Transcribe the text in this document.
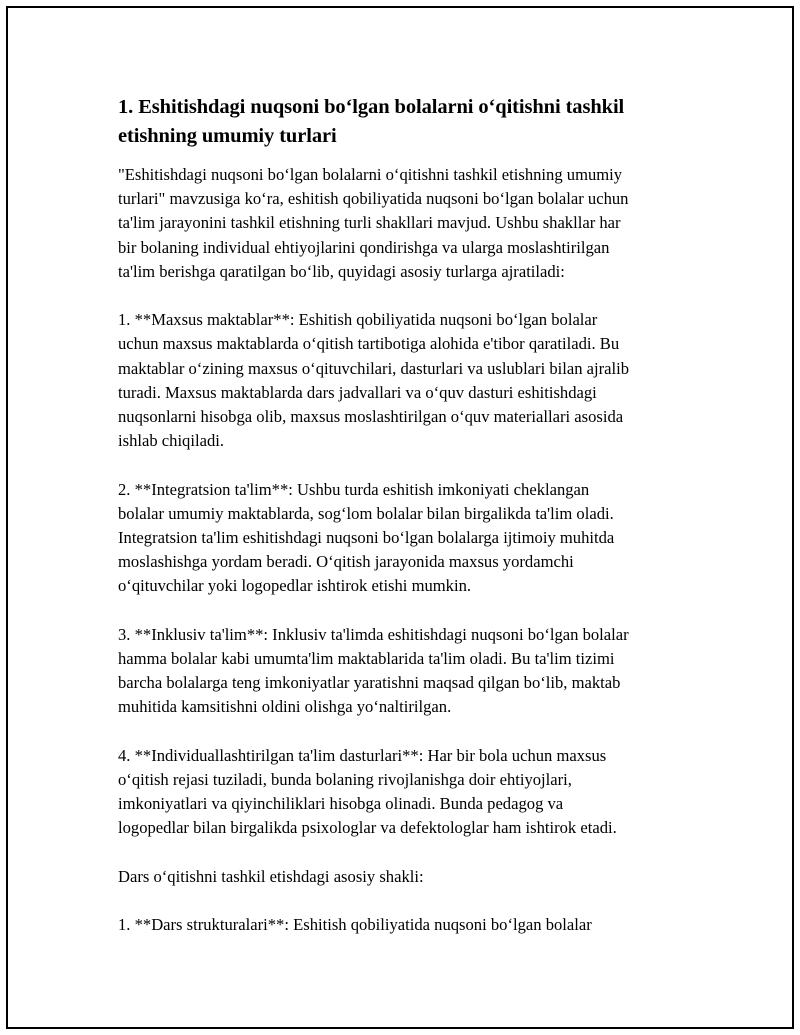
1. Eshitishdagi nuqsoni boʻlgan bolalarni oʻqitishni tashkil
etishning umumiy turlari

"Eshitishdagi nuqsoni boʻlgan bolalarni oʻqitishni tashkil etishning umumiy
turlari" mavzusiga koʻra, eshitish qobiliyatida nuqsoni boʻlgan bolalar uchun
ta'lim jarayonini tashkil etishning turli shakllari mavjud. Ushbu shakllar har
bir bolaning individual ehtiyojlarini qondirishga va ularga moslashtirilgan
ta'lim berishga qaratilgan boʻlib, quyidagi asosiy turlarga ajratiladi:

1. **Maxsus maktablar**: Eshitish qobiliyatida nuqsoni boʻlgan bolalar
uchun maxsus maktablarda oʻqitish tartibotiga alohida e'tibor qaratiladi. Bu
maktablar oʻzining maxsus oʻqituvchilari, dasturlari va uslublari bilan ajralib
turadi. Maxsus maktablarda dars jadvallari va oʻquv dasturi eshitishdagi
nuqsonlarni hisobga olib, maxsus moslashtirilgan oʻquv materiallari asosida
ishlab chiqiladi.

2. **Integratsion ta'lim**: Ushbu turda eshitish imkoniyati cheklangan
bolalar umumiy maktablarda, sogʻlom bolalar bilan birgalikda ta'lim oladi.
Integratsion ta'lim eshitishdagi nuqsoni boʻlgan bolalarga ijtimoiy muhitda
moslashishga yordam beradi. Oʻqitish jarayonida maxsus yordamchi
oʻqituvchilar yoki logopedlar ishtirok etishi mumkin.

3. **Inklusiv ta'lim**: Inklusiv ta'limda eshitishdagi nuqsoni boʻlgan bolalar
hamma bolalar kabi umumta'lim maktablarida ta'lim oladi. Bu ta'lim tizimi
barcha bolalarga teng imkoniyatlar yaratishni maqsad qilgan boʻlib, maktab
muhitida kamsitishni oldini olishga yoʻnaltirilgan.

4. **Individuallashtirilgan ta'lim dasturlari**: Har bir bola uchun maxsus
oʻqitish rejasi tuziladi, bunda bolaning rivojlanishga doir ehtiyojlari,
imkoniyatlari va qiyinchiliklari hisobga olinadi. Bunda pedagog va
logopedlar bilan birgalikda psixologlar va defektologlar ham ishtirok etadi.

Dars oʻqitishni tashkil etishdagi asosiy shakli:

1. **Dars strukturalari**: Eshitish qobiliyatida nuqsoni boʻlgan bolalar
